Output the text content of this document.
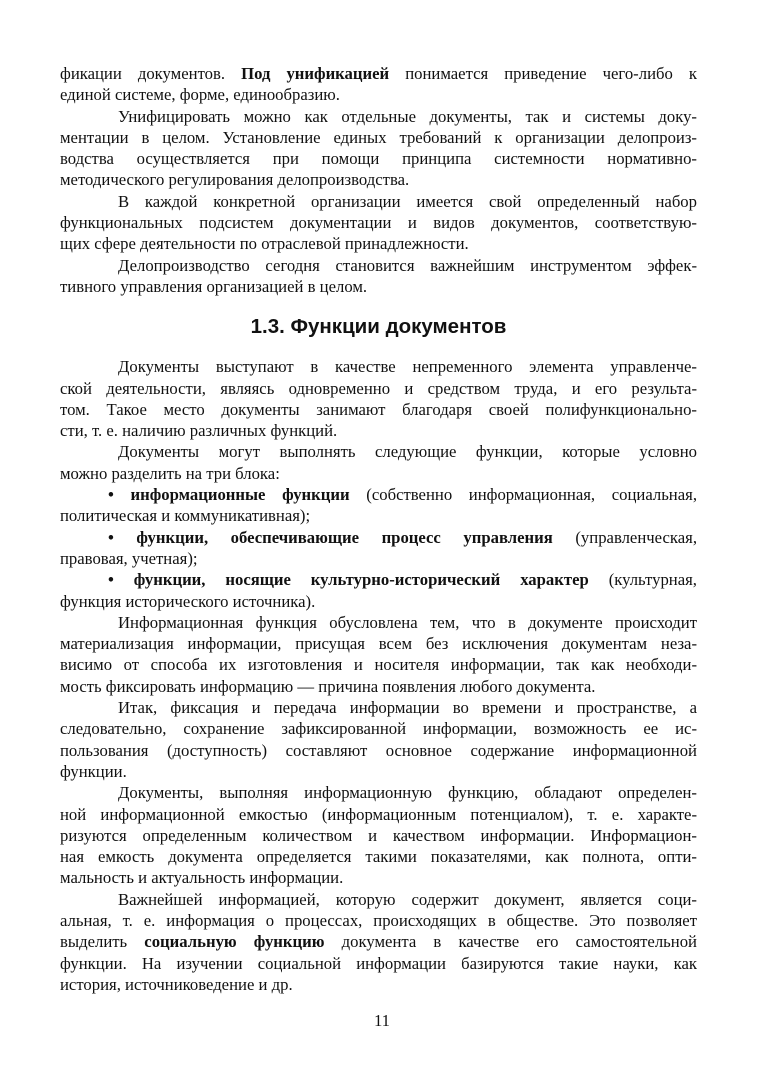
фикации документов. Под унификацией понимается приведение чего-либо к
единой системе, форме, единообразию.
Унифицировать можно как отдельные документы, так и системы доку-
ментации в целом. Установление единых требований к организации делопроиз-
водства осуществляется при помощи принципа системности нормативно-
методического регулирования делопроизводства.
В каждой конкретной организации имеется свой определенный набор
функциональных подсистем документации и видов документов, соответствую-
щих сфере деятельности по отраслевой принадлежности.
Делопроизводство сегодня становится важнейшим инструментом эффек-
тивного управления организацией в целом.
1.3. Функции документов
Документы выступают в качестве непременного элемента управленче-
ской деятельности, являясь одновременно и средством труда, и его результа-
том. Такое место документы занимают благодаря своей полифункциональнo-
сти, т. е. наличию различных функций.
Документы могут выполнять следующие функции, которые условно
можно разделить на три блока:
• информационные функции (собственно информационная, социальная,
политическая и коммуникативная);
• функции, обеспечивающие процесс управления (управленческая,
правовая, учетная);
• функции, носящие культурно-исторический характер (культурная,
функция исторического источника).
Информационная функция обусловлена тем, что в документе происходит
материализация информации, присущая всем без исключения документам неза-
висимо от способа их изготовления и носителя информации, так как необходи-
мость фиксировать информацию — причина появления любого документа.
Итак, фиксация и передача информации во времени и пространстве, а
следовательно, сохранение зафиксированной информации, возможность ее ис-
пользования (доступность) составляют основное содержание информационной
функции.
Документы, выполняя информационную функцию, обладают определен-
ной информационной емкостью (информационным потенциалом), т. е. характе-
ризуются определенным количеством и качеством информации. Информацион-
ная емкость документа определяется такими показателями, как полнота, опти-
мальность и актуальность информации.
Важнейшей информацией, которую содержит документ, является соци-
альная, т. е. информация о процессах, происходящих в обществе. Это позволяет
выделить социальную функцию документа в качестве его самостоятельной
функции. На изучении социальной информации базируются такие науки, как
история, источниковедение и др.
11
